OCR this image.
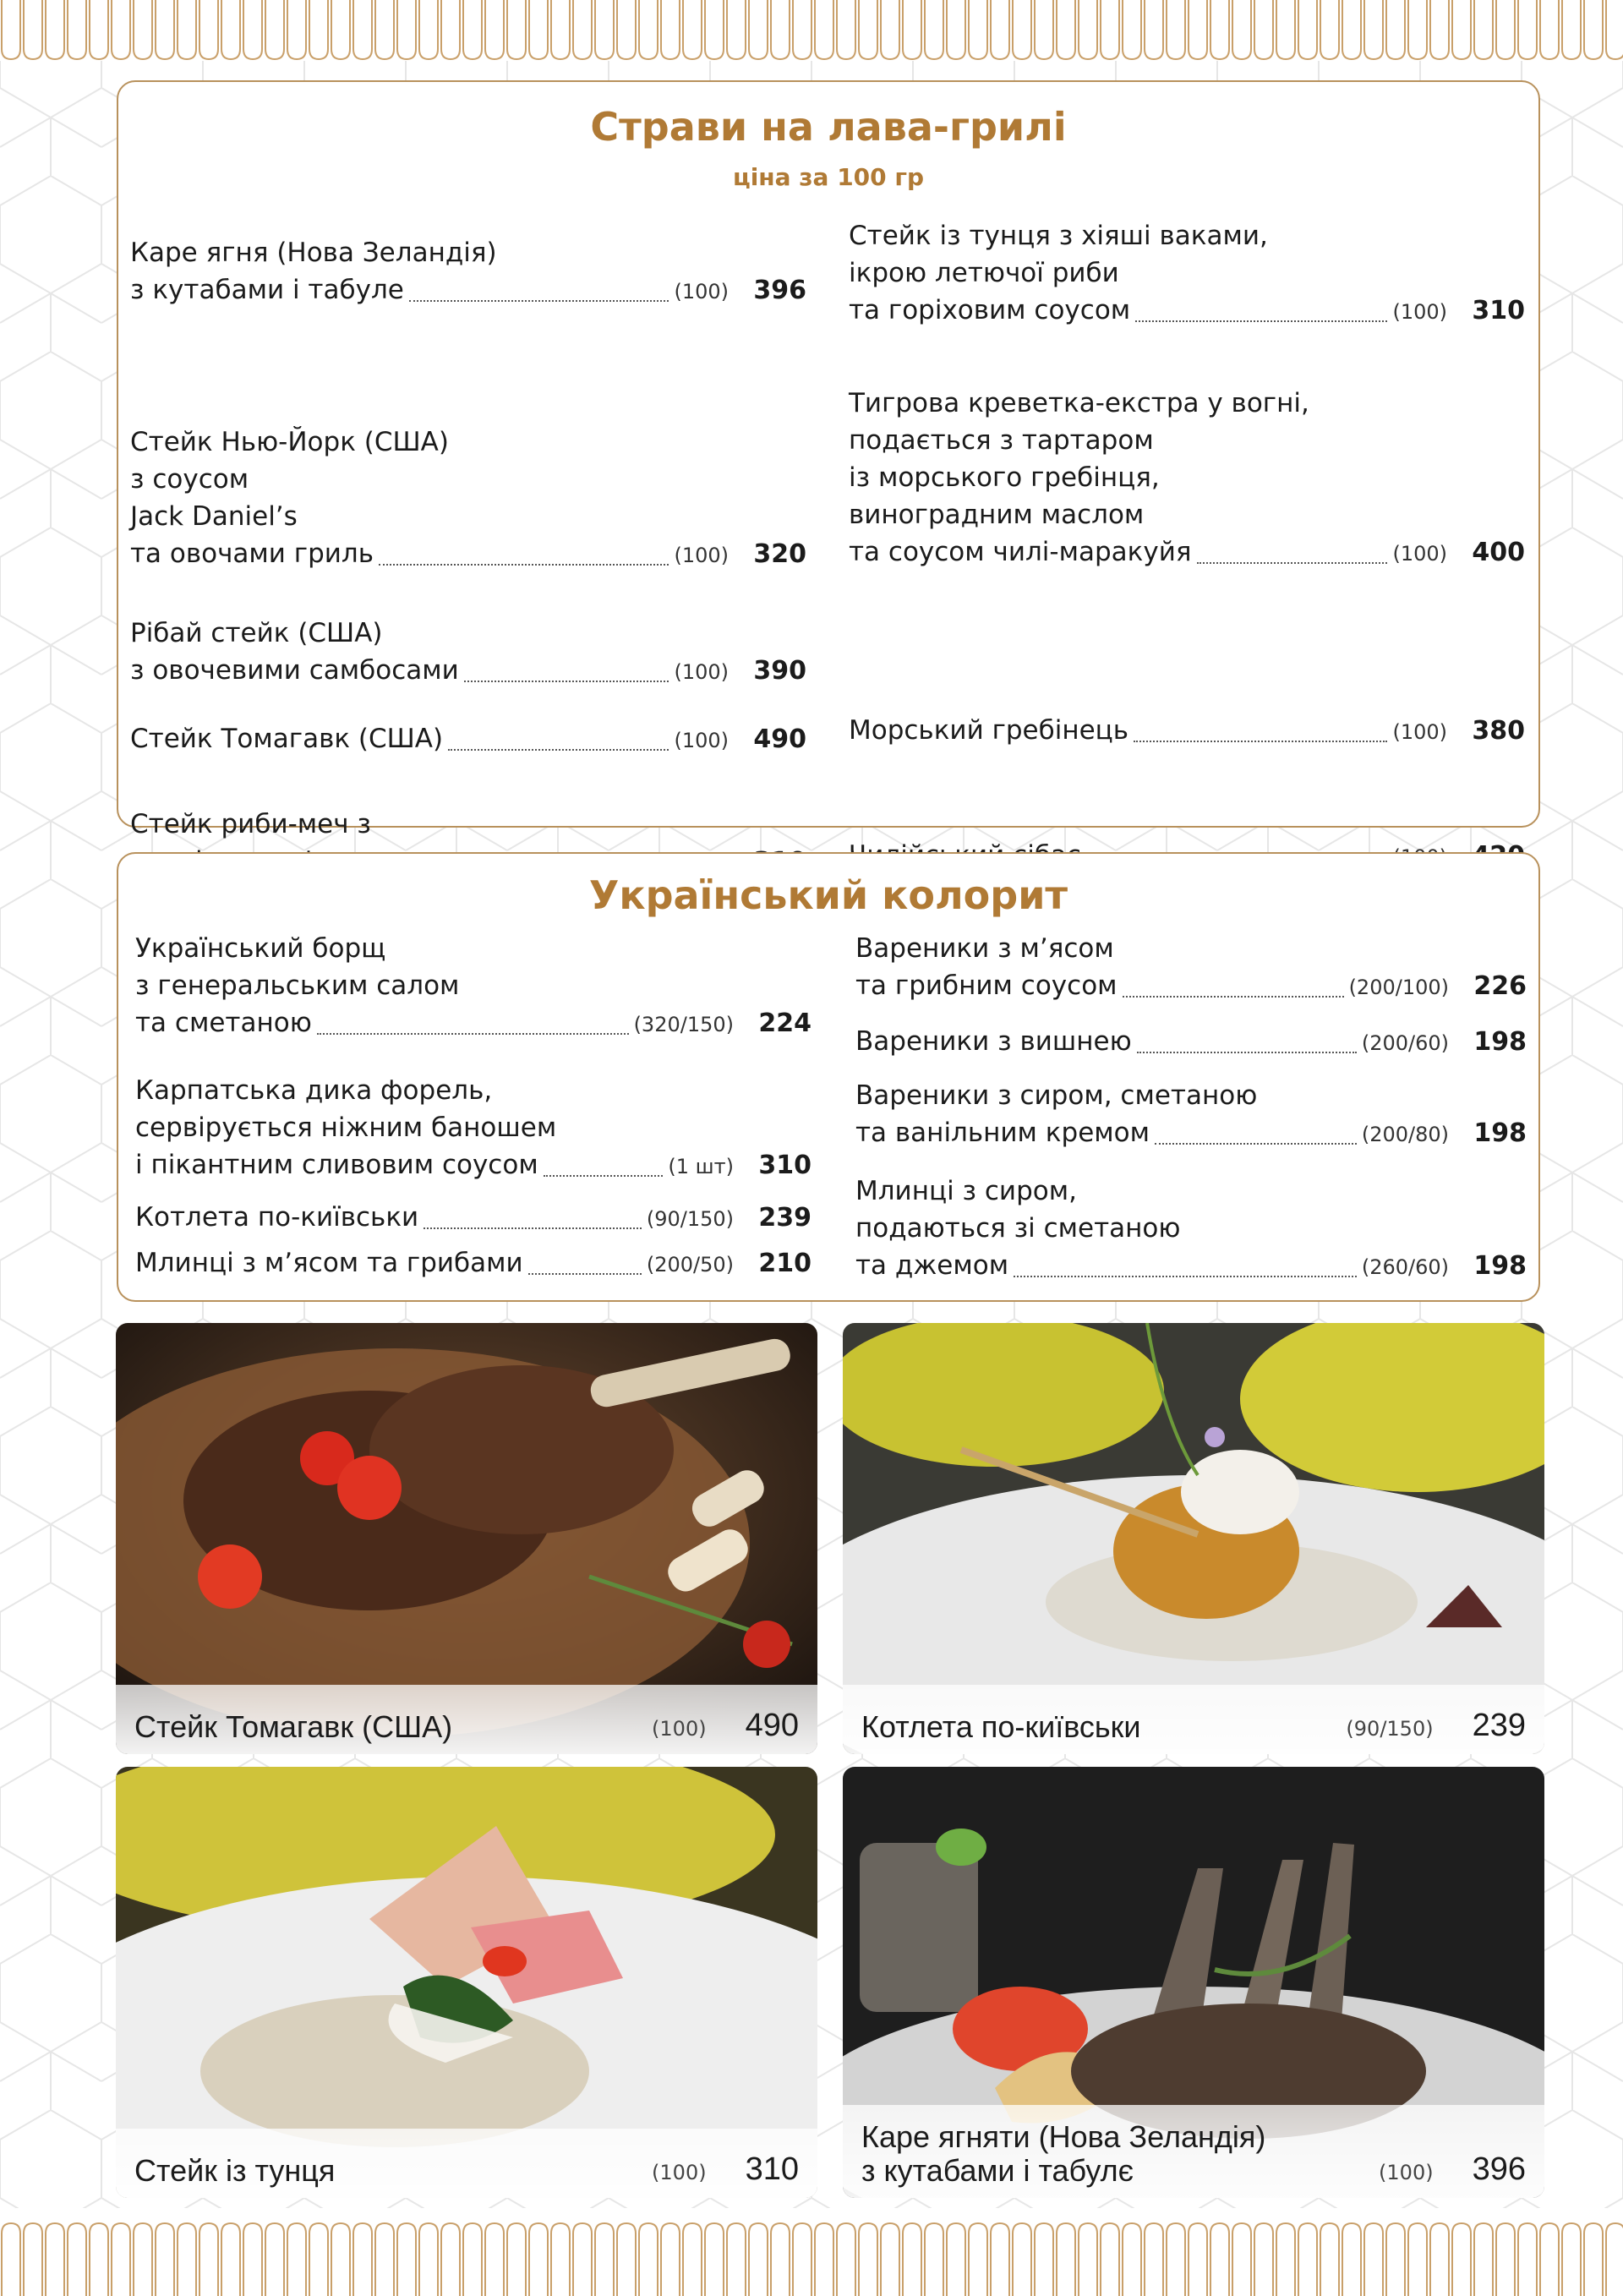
Страви на лава-грилі
ціна за 100 гр
Каре ягня (Нова Зеландія)
з кутабами і табуле	(100) 396
Стейк Нью-Йорк (США)
з соусом
Jack Daniel’s
та овочами гриль	(100) 320
Рібай стейк (США)
з овочевими самбосами	(100) 390
Стейк Томагавк (США)	(100) 490
Стейк риби-меч з
Стейк із тунця з хіяші ваками,
ікрою летючої риби
та горіховим соусом	(100) 310
Тигрова креветка-екстра у вогні,
подається з тартаром
із морського гребінця,
виноградним маслом
та соусом чилі-маракуйя	(100) 400
Морський гребінець	(100) 380
Український колорит
Український борщ
з генеральським салом
та сметаною	(320/150) 224
Карпатська дика форель,
сервірується ніжним баношем
і пікантним сливовим соусом	(1 шт) 310
Котлета по-київськи	(90/150) 239
Млинці з м’ясом та грибами	(200/50) 210
Вареники з м’ясом
та грибним соусом	(200/100) 226
Вареники з вишнею	(200/60) 198
Вареники з сиром, сметаною
та ванільним кремом	(200/80) 198
Млинці з сиром,
подаються зі сметаною
та джемом	(260/60) 198
Стейк Томагавк (США)	(100) 490 Котлета по-київськи	(90/150) 239
Стейк із тунця	(100) 310
Каре ягняти (Нова Зеландія)
з кутабами і табулє	(100) 396
